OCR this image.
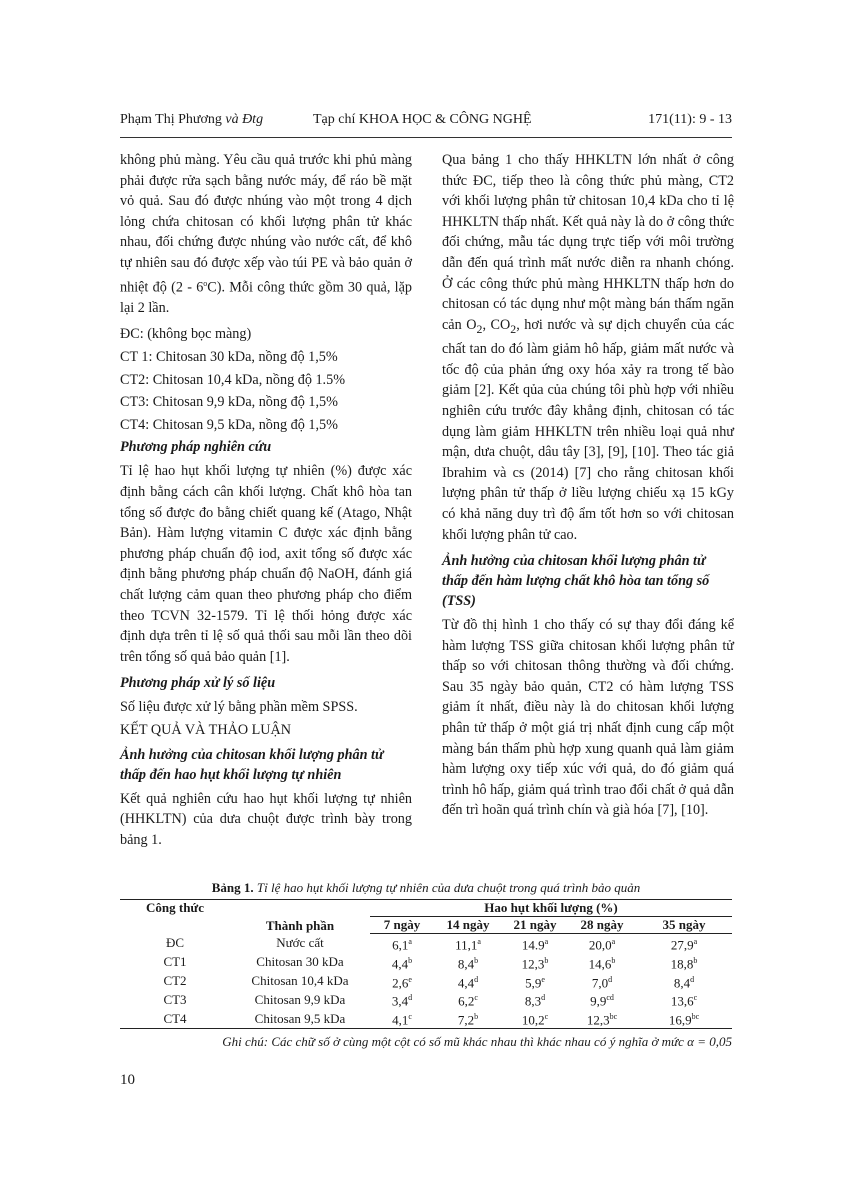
Phạm Thị Phương và Đtg	Tạp chí KHOA HỌC & CÔNG NGHỆ	171(11): 9 - 13

không phủ màng. Yêu cầu quả trước khi phủ màng phải được rửa sạch bằng nước máy, để ráo bề mặt vỏ quả. Sau đó được nhúng vào một trong 4 dịch lỏng chứa chitosan có khối lượng phân tử khác nhau, đối chứng được nhúng vào nước cất, để khô tự nhiên sau đó được xếp vào túi PE và bảo quản ở nhiệt độ (2 - 6$^o$C). Mỗi công thức gồm 30 quả, lặp lại 2 lần.

ĐC: (không bọc màng)

CT 1: Chitosan 30 kDa, nồng độ 1,5%

CT2: Chitosan 10,4 kDa, nồng độ 1.5%

CT3: Chitosan 9,9 kDa, nồng độ 1,5%

CT4: Chitosan 9,5 kDa, nồng độ 1,5%

Phương pháp nghiên cứu

Tỉ lệ hao hụt khối lượng tự nhiên (%) được xác định bằng cách cân khối lượng. Chất khô hòa tan tổng số được đo bằng chiết quang kế (Atago, Nhật Bản). Hàm lượng vitamin C được xác định bằng phương pháp chuẩn độ iod, axit tổng số được xác định bằng phương pháp chuẩn độ NaOH, đánh giá chất lượng cảm quan theo phương pháp cho điểm theo TCVN 32-1579. Tỉ lệ thối hỏng được xác định dựa trên tỉ lệ số quả thối sau mỗi lần theo dõi trên tổng số quả bảo quản [1].

Phương pháp xử lý số liệu

Số liệu được xử lý bằng phần mềm SPSS.

KẾT QUẢ VÀ THẢO LUẬN
Ảnh hưởng của chitosan khối lượng phân tử thấp đến hao hụt khối lượng tự nhiên

Kết quả nghiên cứu hao hụt khối lượng tự nhiên (HHKLTN) của dưa chuột được trình bày trong bảng 1.

Qua bảng 1 cho thấy HHKLTN lớn nhất ở công thức ĐC, tiếp theo là công thức phủ màng, CT2 với khối lượng phân tử chitosan 10,4 kDa cho tỉ lệ HHKLTN thấp nhất. Kết quả này là do ở công thức đối chứng, mẫu tác dụng trực tiếp với môi trường dẫn đến quá trình mất nước diễn ra nhanh chóng. Ở các công thức phủ màng HHKLTN thấp hơn do chitosan có tác dụng như một màng bán thấm ngăn cản $O_2$, $CO_2$, hơi nước và sự dịch chuyển của các chất tan do đó làm giảm hô hấp, giảm mất nước và tốc độ của phản ứng oxy hóa xảy ra trong tế bào giảm [2]. Kết qủa của chúng tôi phù hợp với nhiều nghiên cứu trước đây khẳng định, chitosan có tác dụng làm giảm HHKLTN trên nhiều loại quả như mận, dưa chuột, dâu tây [3], [9], [10]. Theo tác giả Ibrahim và cs (2014) [7] cho rằng chitosan khối lượng phân tử thấp ở liều lượng chiếu xạ 15 kGy có khả năng duy trì độ ẩm tốt hơn so với chitosan khối lượng phân tử cao.

Ảnh hưởng của chitosan khối lượng phân tử thấp đến hàm lượng chất khô hòa tan tổng số (TSS)

Từ đồ thị hình 1 cho thấy có sự thay đổi đáng kể hàm lượng TSS giữa chitosan khối lượng phân tử thấp so với chitosan thông thường và đối chứng. Sau 35 ngày bảo quản, CT2 có hàm lượng TSS giảm ít nhất, điều này là do chitosan khối lượng phân tử thấp ở một giá trị nhất định cung cấp một màng bán thấm phù hợp xung quanh quả làm giảm hàm lượng oxy tiếp xúc với quả, do đó giảm quá trình hô hấp, giảm quá trình trao đổi chất ở quả dẫn đến trì hoãn quá trình chín và già hóa [7], [10].

Bảng 1. Tỉ lệ hao hụt khối lượng tự nhiên của dưa chuột trong quá trình bảo quản
Công thức	Thành phần	Hao hụt khối lượng (%)				
		7 ngày	14 ngày	21 ngày	28 ngày	35 ngày
ĐC	Nước cất	6,1$^a$	11,1$^a$	14.9$^a$	20,0$^a$	27,9$^a$
CT1	Chitosan 30 kDa	4,4$^b$	8,4$^b$	12,3$^b$	14,6$^b$	18,8$^b$
CT2	Chitosan 10,4 kDa	2,6e	4,4$^d$	5,9e	7,0$^d$	8,4$^d$
CT3	Chitosan 9,9 kDa	3,4$^d$	6,2$^c$	8,3$^d$	9,9$^{cd}$	13,6$^c$
CT4	Chitosan 9,5 kDa	4,1$^c$	7,2$^b$	10,2$^c$	12,3$^{bc}$	16,9$^{bc}$
Ghi chú: Các chữ số ở cùng một cột có số mũ khác nhau thì khác nhau có ý nghĩa ở mức α = 0,05
10
